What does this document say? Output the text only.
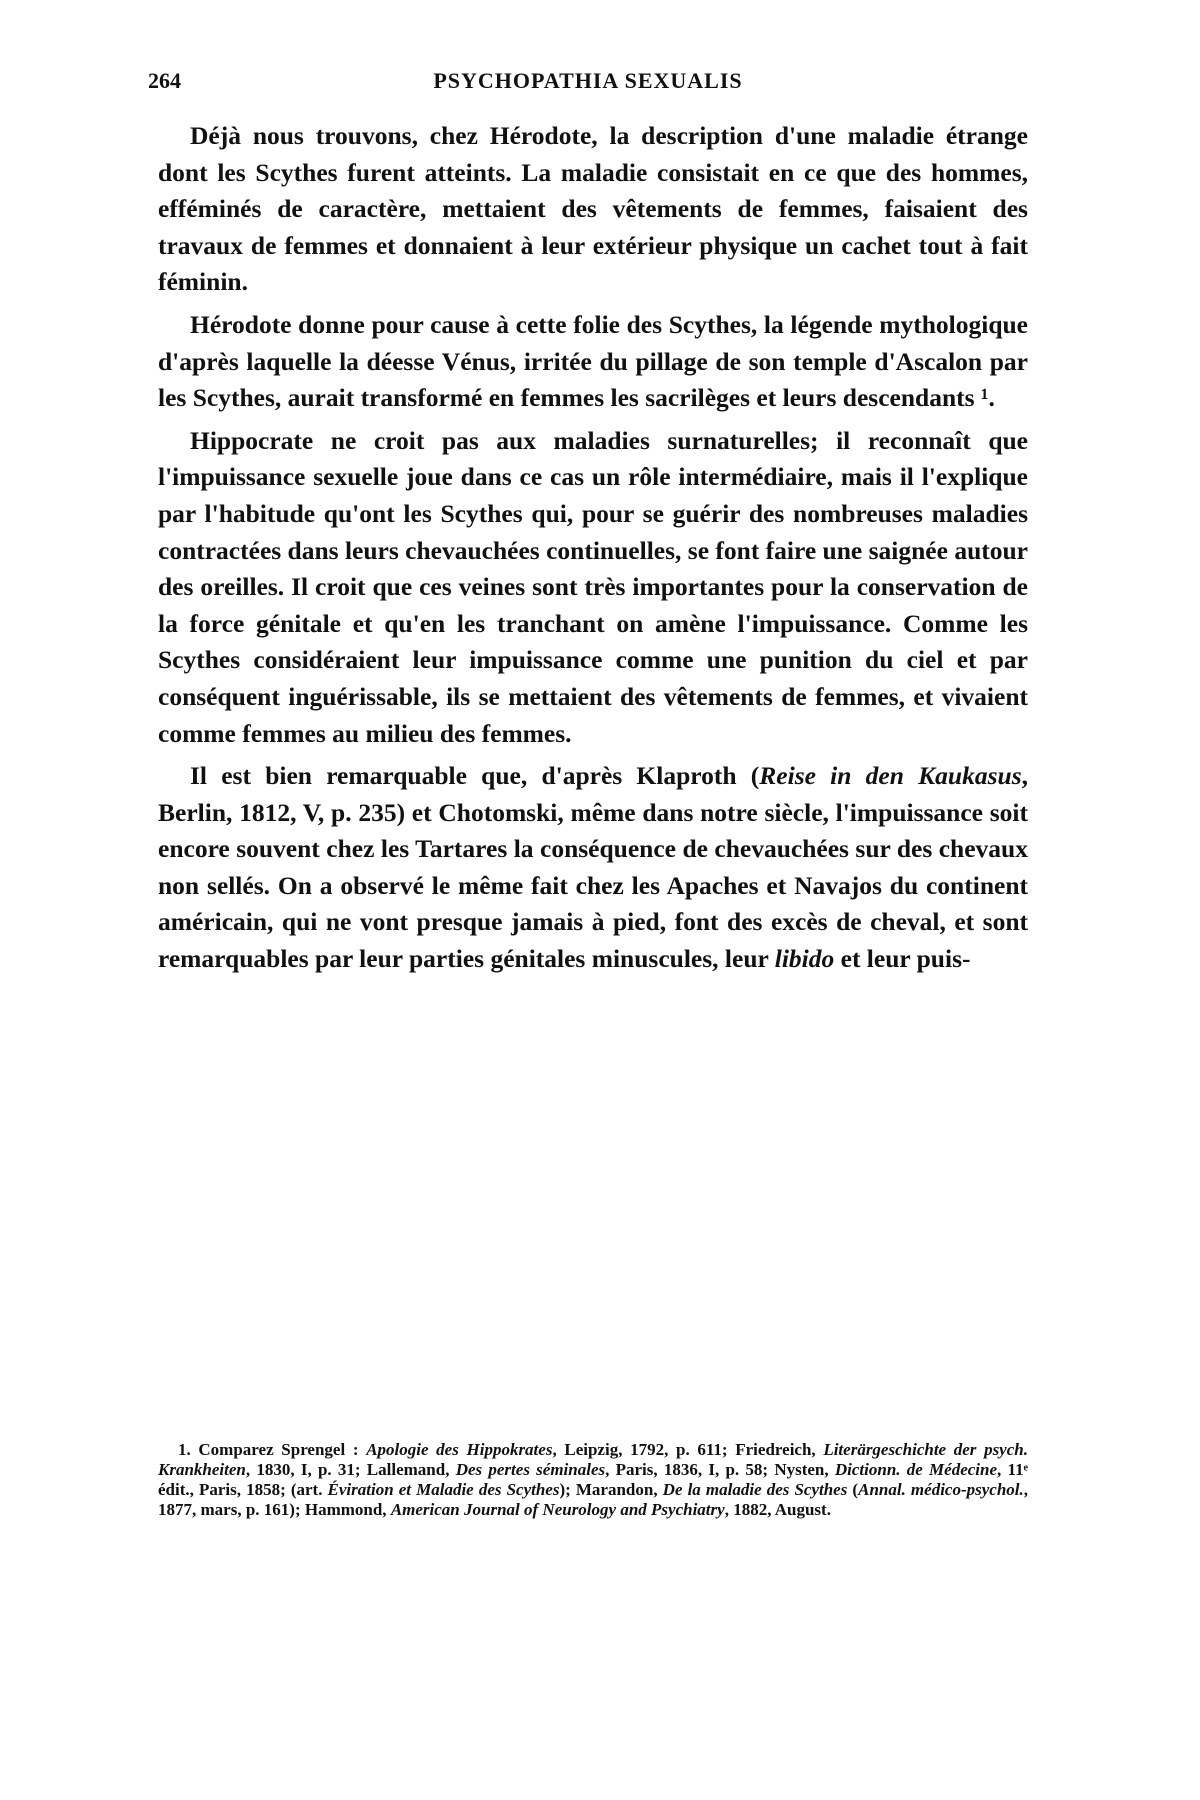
264	PSYCHOPATHIA SEXUALIS

Déjà nous trouvons, chez Hérodote, la description d'une maladie étrange dont les Scythes furent atteints. La maladie consistait en ce que des hommes, efféminés de caractère, mettaient des vêtements de femmes, faisaient des travaux de femmes et donnaient à leur extérieur physique un cachet tout à fait féminin.

Hérodote donne pour cause à cette folie des Scythes, la légende mythologique d'après laquelle la déesse Vénus, irritée du pillage de son temple d'Ascalon par les Scythes, aurait transformé en femmes les sacrilèges et leurs descendants ¹.

Hippocrate ne croit pas aux maladies surnaturelles; il reconnaît que l'impuissance sexuelle joue dans ce cas un rôle intermédiaire, mais il l'explique par l'habitude qu'ont les Scythes qui, pour se guérir des nombreuses maladies contractées dans leurs chevauchées continuelles, se font faire une saignée autour des oreilles. Il croit que ces veines sont très importantes pour la conservation de la force génitale et qu'en les tranchant on amène l'impuissance. Comme les Scythes considéraient leur impuissance comme une punition du ciel et par conséquent inguérissable, ils se mettaient des vêtements de femmes, et vivaient comme femmes au milieu des femmes.

Il est bien remarquable que, d'après Klaproth (Reise in den Kaukasus, Berlin, 1812, V, p. 235) et Chotomski, même dans notre siècle, l'impuissance soit encore souvent chez les Tartares la conséquence de chevauchées sur des chevaux non sellés. On a observé le même fait chez les Apaches et Navajos du continent américain, qui ne vont presque jamais à pied, font des excès de cheval, et sont remarquables par leur parties génitales minuscules, leur libido et leur puis-

1. Comparez Sprengel : Apologie des Hippokrates, Leipzig, 1792, p. 611; Friedreich, Literärgeschichte der psych. Krankheiten, 1830, I, p. 31; Lallemand, Des pertes séminales, Paris, 1836, I, p. 58; Nysten, Dictionn. de Médecine, 11ᵉ édit., Paris, 1858; (art. Éviration et Maladie des Scythes); Marandon, De la maladie des Scythes (Annal. médico-psychol., 1877, mars, p. 161); Hammond, American Journal of Neurology and Psychiatry, 1882, August.
